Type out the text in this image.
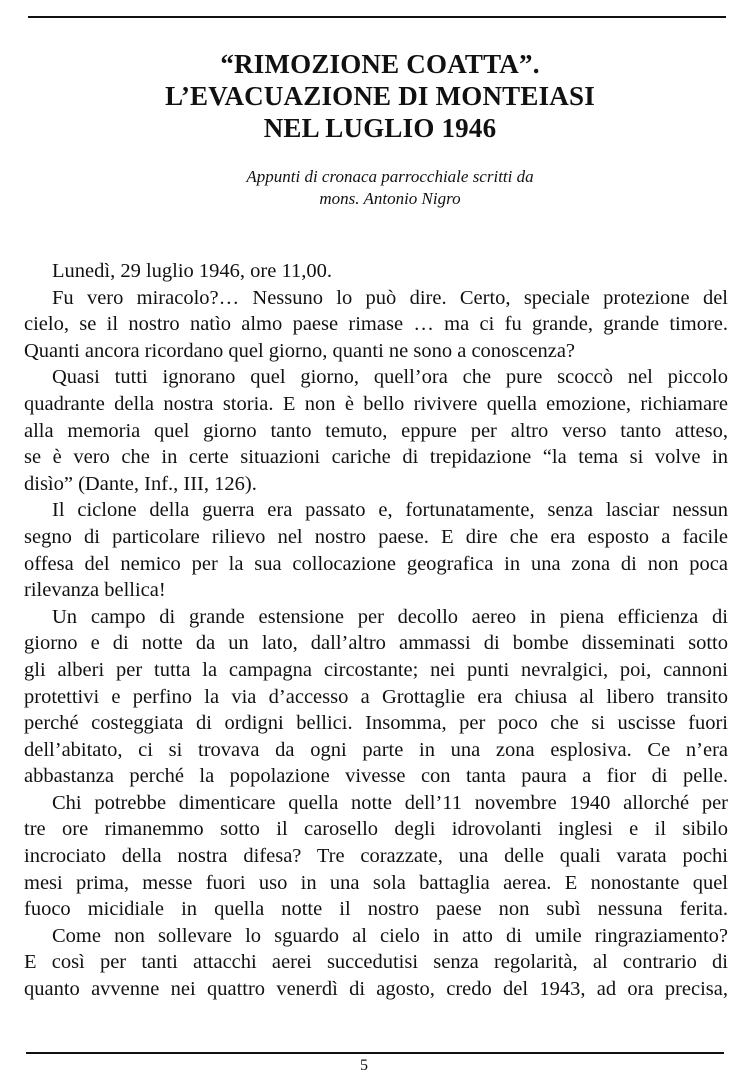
“RIMOZIONE COATTA”.
L’EVACUAZIONE DI MONTEIASI
NEL LUGLIO 1946
Appunti di cronaca parrocchiale scritti da
mons. Antonio Nigro
Lunedì, 29 luglio 1946, ore 11,00.
Fu vero miracolo?… Nessuno lo può dire. Certo, speciale protezione del
cielo, se il nostro natìo almo paese rimase … ma ci fu grande, grande timore.
Quanti ancora ricordano quel giorno, quanti ne sono a conoscenza?
Quasi tutti ignorano quel giorno, quell’ora che pure scoccò nel piccolo
quadrante della nostra storia. E non è bello rivivere quella emozione, richiamare
alla memoria quel giorno tanto temuto, eppure per altro verso tanto atteso,
se è vero che in certe situazioni cariche di trepidazione “la tema si volve in
disìo” (Dante, Inf., III, 126).
Il ciclone della guerra era passato e, fortunatamente, senza lasciar nessun
segno di particolare rilievo nel nostro paese. E dire che era esposto a facile
offesa del nemico per la sua collocazione geografica in una zona di non poca
rilevanza bellica!
Un campo di grande estensione per decollo aereo in piena efficienza di
giorno e di notte da un lato, dall’altro ammassi di bombe disseminati sotto
gli alberi per tutta la campagna circostante; nei punti nevralgici, poi, cannoni
protettivi e perfino la via d’accesso a Grottaglie era chiusa al libero transito
perché costeggiata di ordigni bellici. Insomma, per poco che si uscisse fuori
dell’abitato, ci si trovava da ogni parte in una zona esplosiva. Ce n’era
abbastanza perché la popolazione vivesse con tanta paura a fior di pelle.
Chi potrebbe dimenticare quella notte dell’11 novembre 1940 allorché per
tre ore rimanemmo sotto il carosello degli idrovolanti inglesi e il sibilo
incrociato della nostra difesa? Tre corazzate, una delle quali varata pochi
mesi prima, messe fuori uso in una sola battaglia aerea. E nonostante quel
fuoco micidiale in quella notte il nostro paese non subì nessuna ferita.
Come non sollevare lo sguardo al cielo in atto di umile ringraziamento?
E così per tanti attacchi aerei succedutisi senza regolarità, al contrario di
quanto avvenne nei quattro venerdì di agosto, credo del 1943, ad ora precisa,
5
